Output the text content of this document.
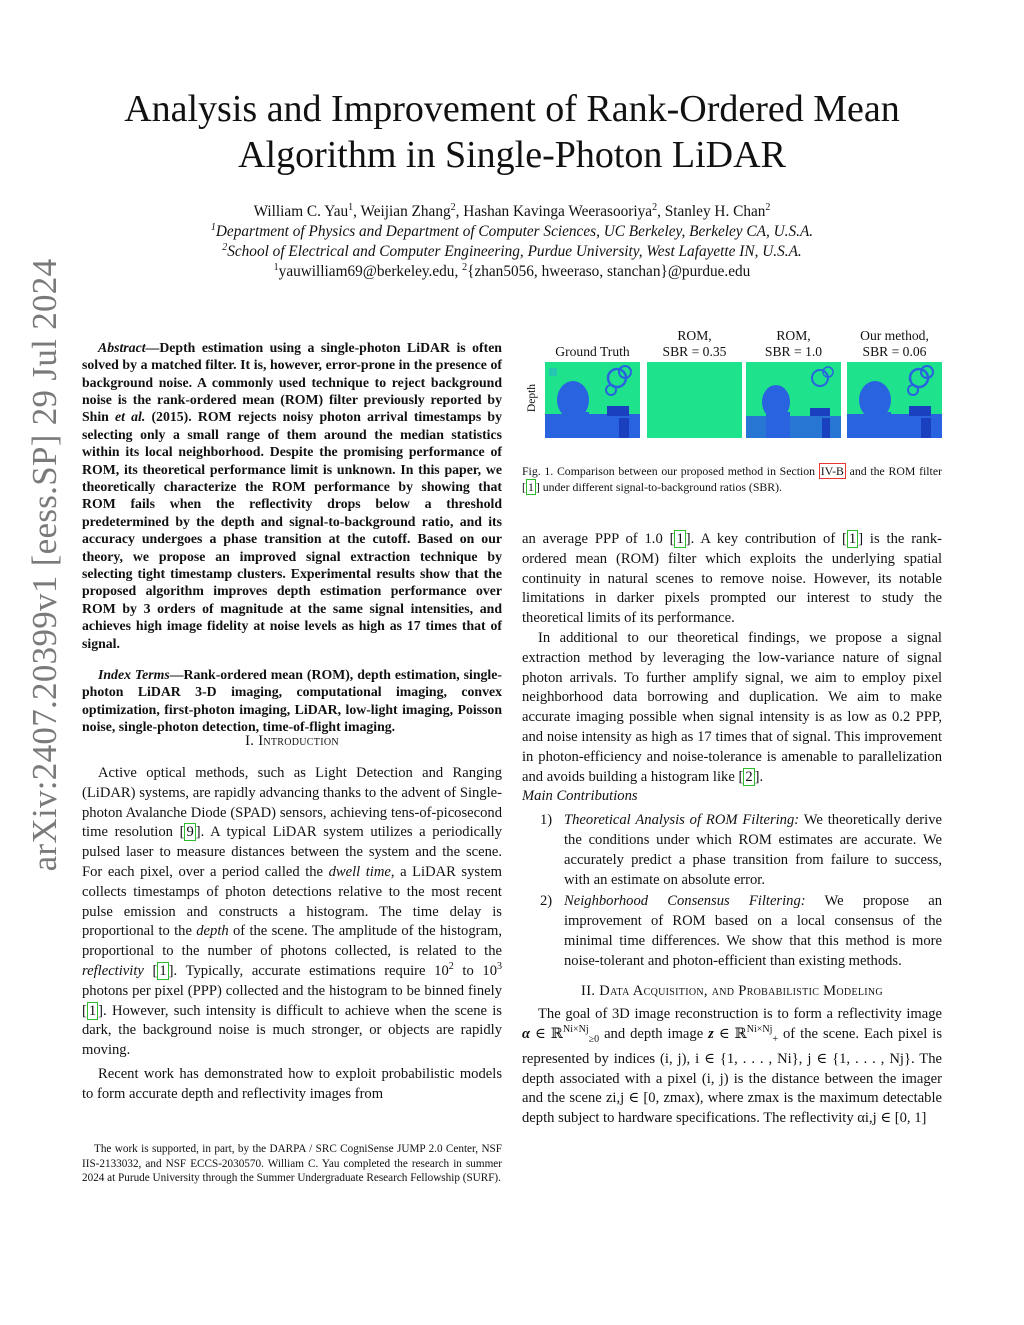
arXiv:2407.20399v1 [eess.SP] 29 Jul 2024
Analysis and Improvement of Rank-Ordered Mean
Algorithm in Single-Photon LiDAR
William C. Yau$^1$, Weijian Zhang$^2$, Hashan Kavinga Weerasooriya$^2$, Stanley H. Chan$^2$
$^1$Department of Physics and Department of Computer Sciences, UC Berkeley, Berkeley CA, U.S.A.
$^2$School of Electrical and Computer Engineering, Purdue University, West Lafayette IN, U.S.A.
$^1$yauwilliam69@berkeley.edu, $^2${zhan5056, hweeraso, stanchan}@purdue.edu

Abstract—Depth estimation using a single-photon LiDAR is often solved by a matched filter. It is, however, error-prone in the presence of background noise. A commonly used technique to reject background noise is the rank-ordered mean (ROM) filter previously reported by Shin et al. (2015). ROM rejects noisy photon arrival timestamps by selecting only a small range of them around the median statistics within its local neighborhood. Despite the promising performance of ROM, its theoretical performance limit is unknown. In this paper, we theoretically characterize the ROM performance by showing that ROM fails when the reflectivity drops below a threshold predetermined by the depth and signal-to-background ratio, and its accuracy undergoes a phase transition at the cutoff. Based on our theory, we propose an improved signal extraction technique by selecting tight timestamp clusters. Experimental results show that the proposed algorithm improves depth estimation performance over ROM by 3 orders of magnitude at the same signal intensities, and achieves high image fidelity at noise levels as high as 17 times that of signal.

Index Terms—Rank-ordered mean (ROM), depth estimation, single-photon LiDAR 3-D imaging, computational imaging, convex optimization, first-photon imaging, LiDAR, low-light imaging, Poisson noise, single-photon detection, time-of-flight imaging.

I. Introduction

Active optical methods, such as Light Detection and Ranging (LiDAR) systems, are rapidly advancing thanks to the advent of Single-photon Avalanche Diode (SPAD) sensors, achieving tens-of-picosecond time resolution [ 9 ]. A typical LiDAR system utilizes a periodically pulsed laser to measure distances between the system and the scene. For each pixel, over a period called the dwell time, a LiDAR system collects timestamps of photon detections relative to the most recent pulse emission and constructs a histogram. The time delay is proportional to the depth of the scene. The amplitude of the histogram, proportional to the number of photons collected, is related to the reflectivity [ 1 ]. Typically, accurate estimations require $10^2$ to $10^3$ photons per pixel (PPP) collected and the histogram to be binned finely [ 1 ]. However, such intensity is difficult to achieve when the scene is dark, the background noise is much stronger, or objects are rapidly moving.

Recent work has demonstrated how to exploit probabilistic models to form accurate depth and reflectivity images from

The work is supported, in part, by the DARPA / SRC CogniSense JUMP 2.0 Center, NSF IIS-2133032, and NSF ECCS-2030570. William C. Yau completed the research in summer 2024 at Purude University through the Summer Undergraduate Research Fellowship (SURF).

Depth

Ground Truth
ROM,
SBR = 0.35
ROM,
SBR = 1.0
Our method,
SBR = 0.06
Fig. 1. Comparison between our proposed method in Section IV-B and the ROM filter [ 1 ] under different signal-to-background ratios (SBR).

an average PPP of 1.0 [ 1 ]. A key contribution of [ 1 ] is the rank-ordered mean (ROM) filter which exploits the underlying spatial continuity in natural scenes to remove noise. However, its notable limitations in darker pixels prompted our interest to study the theoretical limits of its performance.

In additional to our theoretical findings, we propose a signal extraction method by leveraging the low-variance nature of signal photon arrivals. To further amplify signal, we aim to employ pixel neighborhood data borrowing and duplication. We aim to make accurate imaging possible when signal intensity is as low as 0.2 PPP, and noise intensity as high as 17 times that of signal. This improvement in photon-efficiency and noise-tolerance is amenable to parallelization and avoids building a histogram like [ 2 ].

Main Contributions

1) Theoretical Analysis of ROM Filtering: We theoretically derive the conditions under which ROM estimates are accurate. We accurately predict a phase transition from failure to success, with an estimate on absolute error.
2) Neighborhood Consensus Filtering: We propose an improvement of ROM based on a local consensus of the minimal time differences. We show that this method is more noise-tolerant and photon-efficient than existing methods.
II. Data Acquisition, and Probabilistic Modeling

The goal of 3D image reconstruction is to form a reflectivity image α ∈ ℝ$^{Ni\times Nj}_{\ge 0}$ and depth image z ∈ ℝ$^{Ni\times Nj}_+$ of the scene. Each pixel is represented by indices (i, j), i ∈ {1, . . . , Ni}, j ∈ {1, . . . , Nj}. The depth associated with a pixel (i, j) is the distance between the imager and the scene zi,j ∈ [0, zmax), where zmax is the maximum detectable depth subject to hardware specifications. The reflectivity αi,j ∈ [0, 1]
